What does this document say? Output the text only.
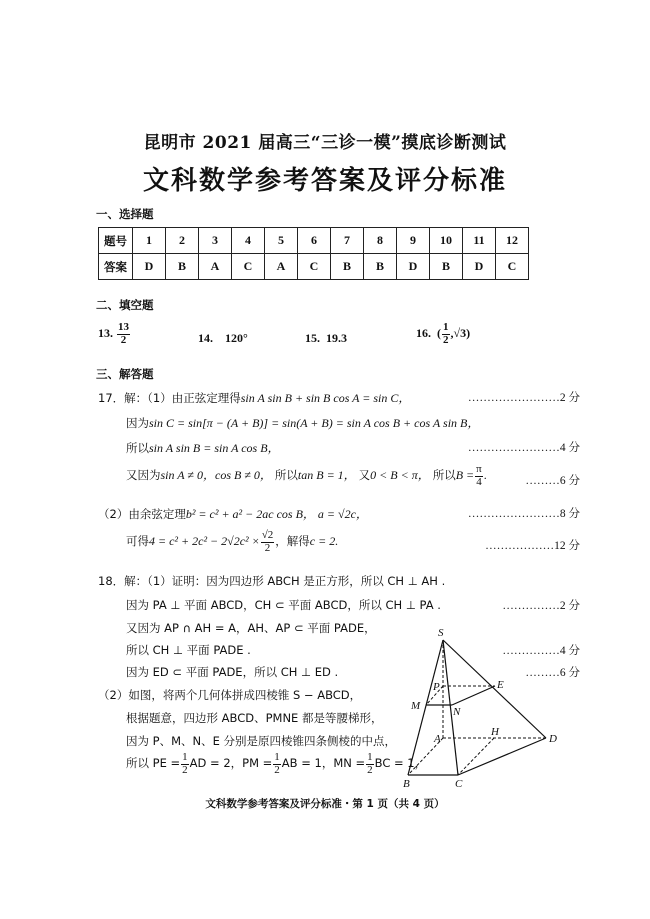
昆明市 2021 届高三“三诊一模”摸底诊断测试
文科数学参考答案及评分标准
一、选择题
题号	1	2	3	4	5	6	7	8	9	10	11	12
答案	D	B	A	C	A	C	B	B	D	B	D	C
二、填空题
13. $\frac{13}{2}$	14. 120°	15. 19.3	16. ( $\frac{1}{2} ,√3$)
三、解答题
17．解：（1）由正弦定理得sin A sin B + sin B cos A = sin C，	……………………2 分
因为sin C = sin[π − (A + B)] = sin(A + B) = sin A cos B + cos A sin B，
所以sin A sin B = sin A cos B，	……………………4 分
又因为sin A ≠ 0，cos B ≠ 0， 所以tan B = 1， 又0 < B < π， 所以$B = \frac{\pi}{4}$ .	………6 分
（2）由余弦定理b² = c² + a² − 2ac cos B， a = √2c，	……………………8 分
可得$4 = c^2 + 2c^2 - 2√2c^2 \times \frac{√2}{2}$ ，解得c = 2.	………………12 分
18．解：（1）证明：因为四边形 ABCH 是正方形，所以 CH ⊥ AH .
因为 PA ⊥ 平面 ABCD，CH ⊂ 平面 ABCD，所以 CH ⊥ PA .	……………2 分
又因为 AP ∩ AH = A，AH、AP ⊂ 平面 PADE，
所以 CH ⊥ 平面 PADE .	……………4 分
因为 ED ⊂ 平面 PADE，所以 CH ⊥ ED .	………6 分
（2）如图，将两个几何体拼成四棱锥 S − ABCD，
根据题意，四边形 ABCD、PMNE 都是等腰梯形，
因为 P、M、N、E 分别是原四棱锥四条侧棱的中点，
所以 PE = $\frac{1}{2}$ AD = 2，PM = $\frac{1}{2}$ AB = 1，MN = $\frac{1}{2}$ BC = 1，
S
P	E
M	N
A
H
D
B	C
文科数学参考答案及评分标准・第 1 页（共 4 页）
